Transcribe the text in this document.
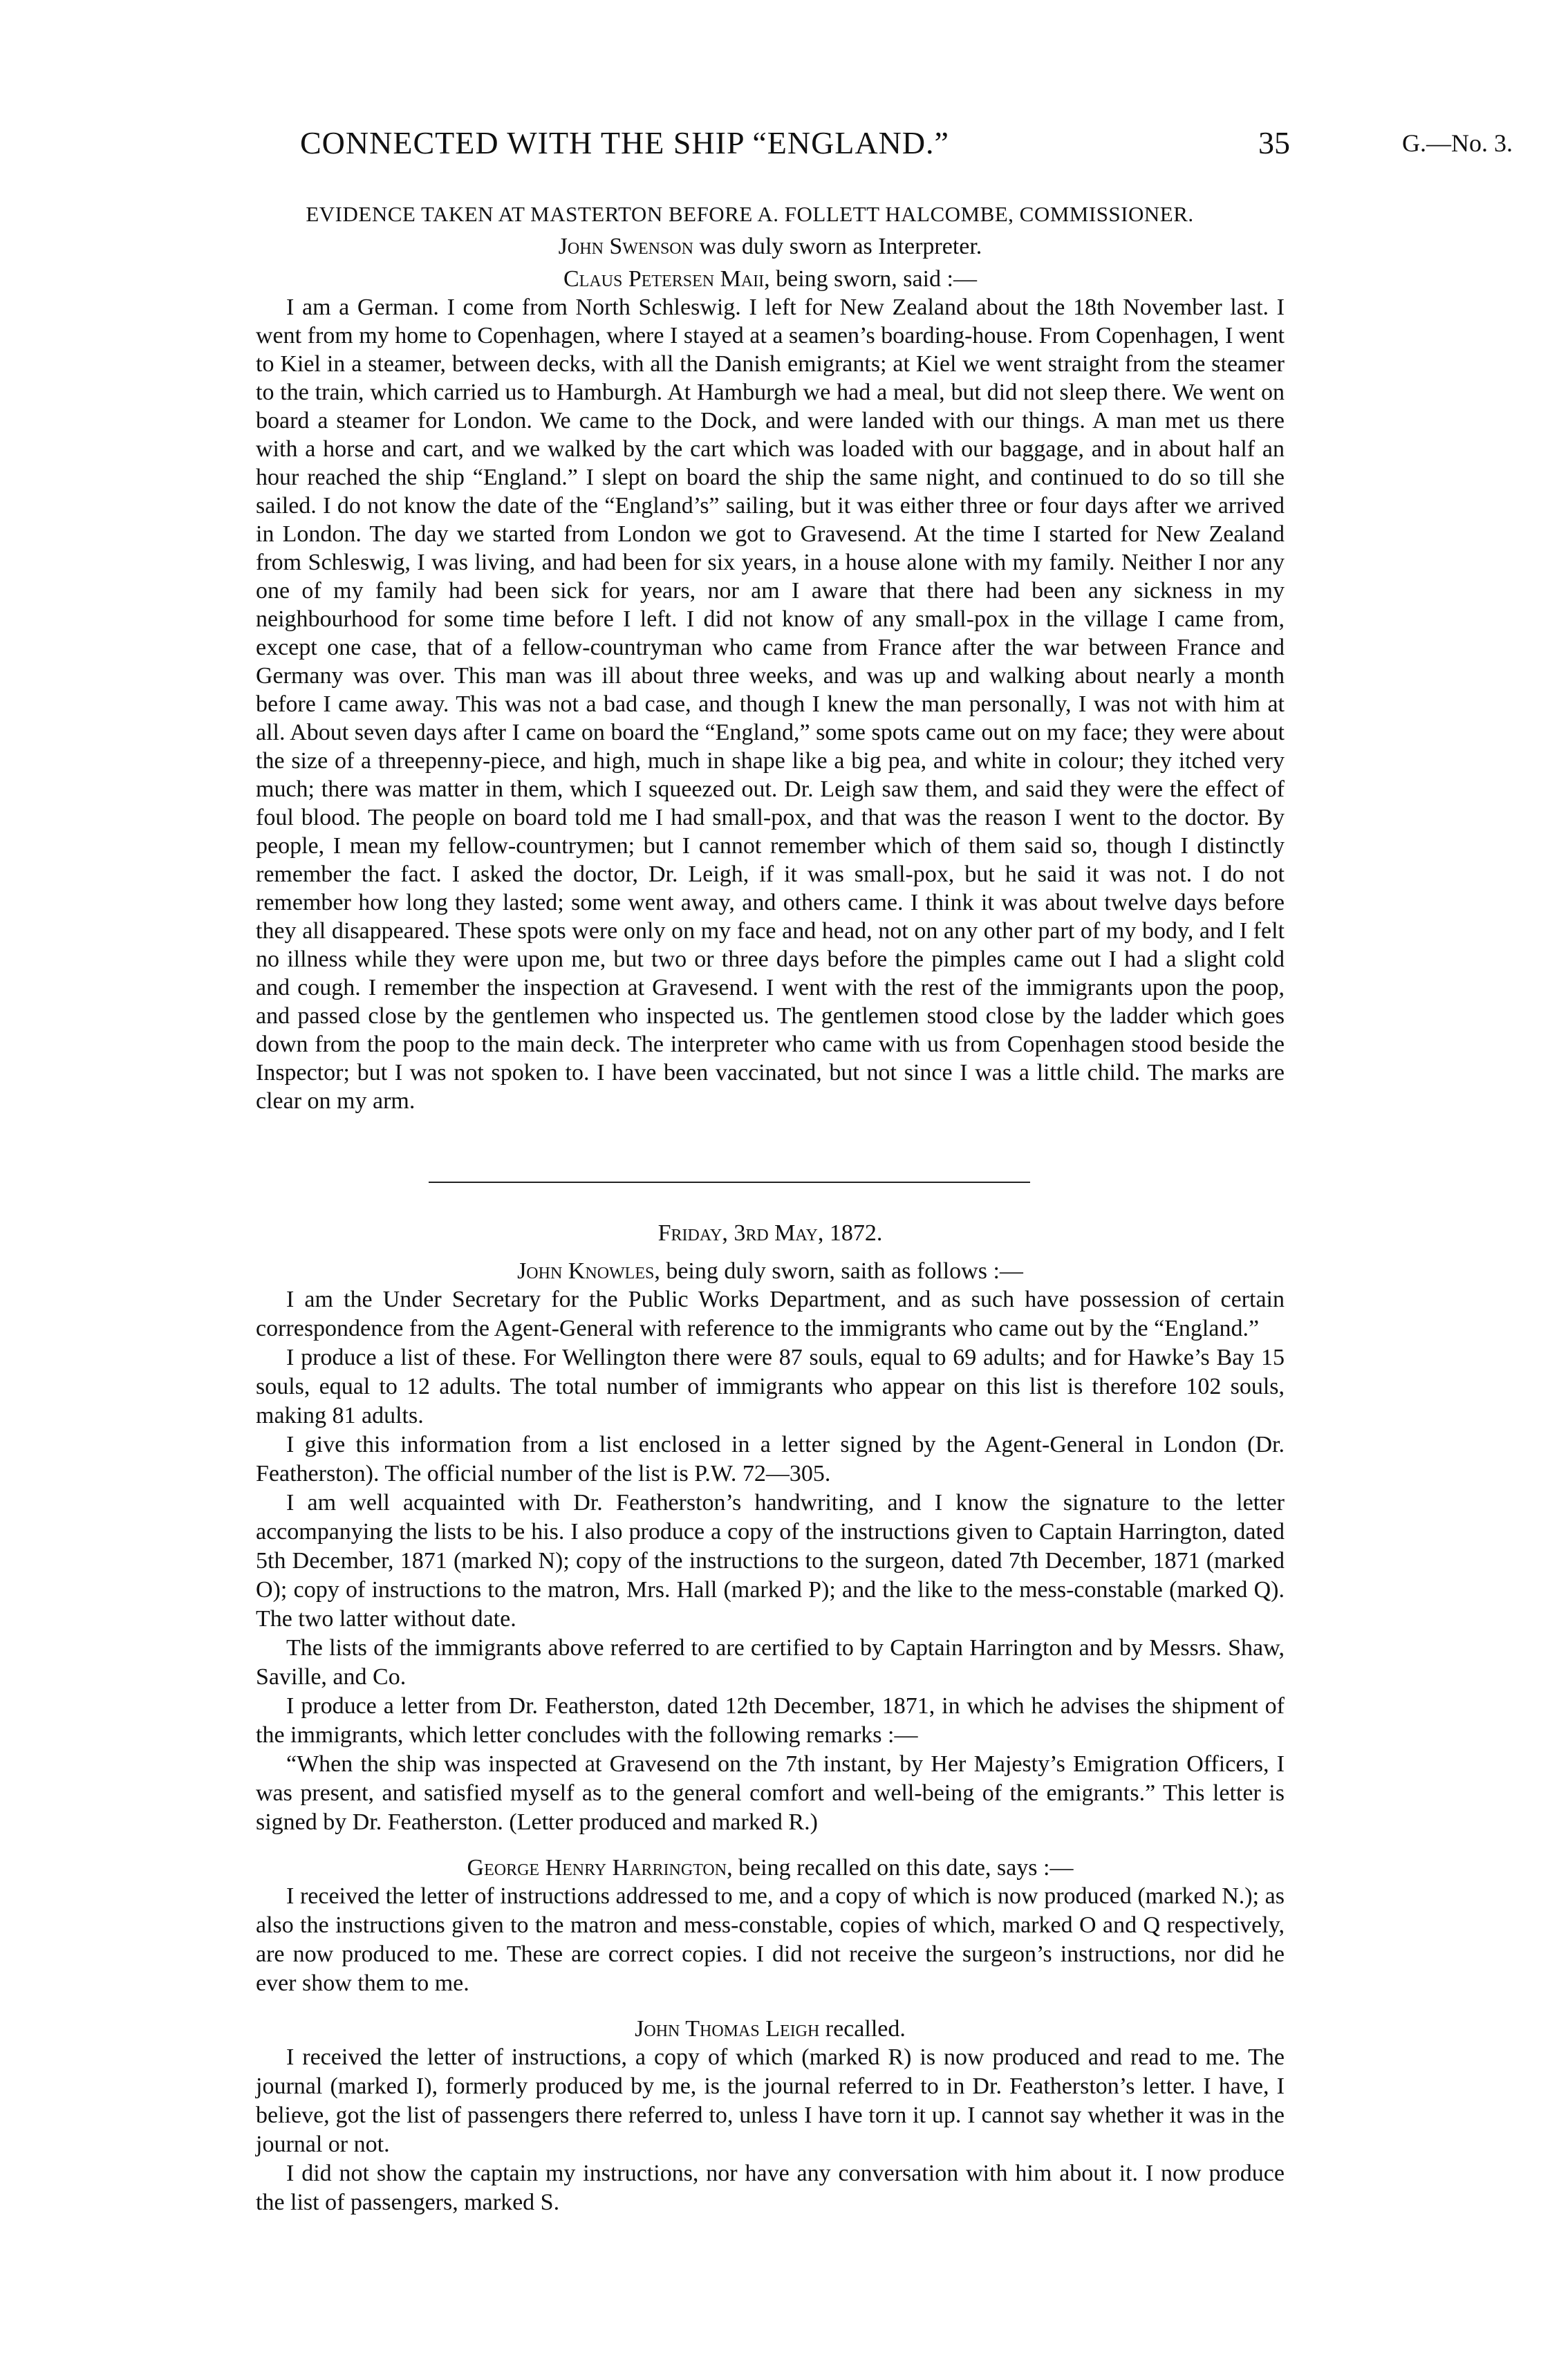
CONNECTED WITH THE SHIP “ENGLAND.”	35	G.—No. 3.
EVIDENCE TAKEN AT MASTERTON BEFORE A. FOLLETT HALCOMBE, COMMISSIONER.
John Swenson was duly sworn as Interpreter.
Claus Petersen Maii, being sworn, said :—

I am a German. I come from North Schleswig. I left for New Zealand about the 18th November last. I went from my home to Copenhagen, where I stayed at a seamen’s boarding-house. From Copenhagen, I went to Kiel in a steamer, between decks, with all the Danish emigrants; at Kiel we went straight from the steamer to the train, which carried us to Hamburgh. At Hamburgh we had a meal, but did not sleep there. We went on board a steamer for London. We came to the Dock, and were landed with our things. A man met us there with a horse and cart, and we walked by the cart which was loaded with our baggage, and in about half an hour reached the ship “England.” I slept on board the ship the same night, and continued to do so till she sailed. I do not know the date of the “England’s” sailing, but it was either three or four days after we arrived in London. The day we started from London we got to Gravesend. At the time I started for New Zealand from Schleswig, I was living, and had been for six years, in a house alone with my family. Neither I nor any one of my family had been sick for years, nor am I aware that there had been any sickness in my neighbourhood for some time before I left. I did not know of any small-pox in the village I came from, except one case, that of a fellow-countryman who came from France after the war between France and Germany was over. This man was ill about three weeks, and was up and walking about nearly a month before I came away. This was not a bad case, and though I knew the man personally, I was not with him at all. About seven days after I came on board the “England,” some spots came out on my face; they were about the size of a threepenny-piece, and high, much in shape like a big pea, and white in colour; they itched very much; there was matter in them, which I squeezed out. Dr. Leigh saw them, and said they were the effect of foul blood. The people on board told me I had small-pox, and that was the reason I went to the doctor. By people, I mean my fellow-countrymen; but I cannot remember which of them said so, though I distinctly remember the fact. I asked the doctor, Dr. Leigh, if it was small-pox, but he said it was not. I do not remember how long they lasted; some went away, and others came. I think it was about twelve days before they all disappeared. These spots were only on my face and head, not on any other part of my body, and I felt no illness while they were upon me, but two or three days before the pimples came out I had a slight cold and cough. I remember the inspection at Gravesend. I went with the rest of the immigrants upon the poop, and passed close by the gentlemen who inspected us. The gentlemen stood close by the ladder which goes down from the poop to the main deck. The interpreter who came with us from Copenhagen stood beside the Inspector; but I was not spoken to. I have been vaccinated, but not since I was a little child. The marks are clear on my arm.

Friday, 3rd May, 1872.
John Knowles, being duly sworn, saith as follows :—

I am the Under Secretary for the Public Works Department, and as such have possession of certain correspondence from the Agent-General with reference to the immigrants who came out by the “England.”

I produce a list of these. For Wellington there were 87 souls, equal to 69 adults; and for Hawke’s Bay 15 souls, equal to 12 adults. The total number of immigrants who appear on this list is therefore 102 souls, making 81 adults.

I give this information from a list enclosed in a letter signed by the Agent-General in London (Dr. Featherston). The official number of the list is P.W. 72—305.

I am well acquainted with Dr. Featherston’s handwriting, and I know the signature to the letter accompanying the lists to be his. I also produce a copy of the instructions given to Captain Harrington, dated 5th December, 1871 (marked N); copy of the instructions to the surgeon, dated 7th December, 1871 (marked O); copy of instructions to the matron, Mrs. Hall (marked P); and the like to the mess-constable (marked Q). The two latter without date.

The lists of the immigrants above referred to are certified to by Captain Harrington and by Messrs. Shaw, Saville, and Co.

I produce a letter from Dr. Featherston, dated 12th December, 1871, in which he advises the shipment of the immigrants, which letter concludes with the following remarks :—

“When the ship was inspected at Gravesend on the 7th instant, by Her Majesty’s Emigration Officers, I was present, and satisfied myself as to the general comfort and well-being of the emigrants.” This letter is signed by Dr. Featherston. (Letter produced and marked R.)

George Henry Harrington, being recalled on this date, says :—

I received the letter of instructions addressed to me, and a copy of which is now produced (marked N.); as also the instructions given to the matron and mess-constable, copies of which, marked O and Q respectively, are now produced to me. These are correct copies. I did not receive the surgeon’s instructions, nor did he ever show them to me.

John Thomas Leigh recalled.

I received the letter of instructions, a copy of which (marked R) is now produced and read to me. The journal (marked I), formerly produced by me, is the journal referred to in Dr. Featherston’s letter. I have, I believe, got the list of passengers there referred to, unless I have torn it up. I cannot say whether it was in the journal or not.

I did not show the captain my instructions, nor have any conversation with him about it. I now produce the list of passengers, marked S.
